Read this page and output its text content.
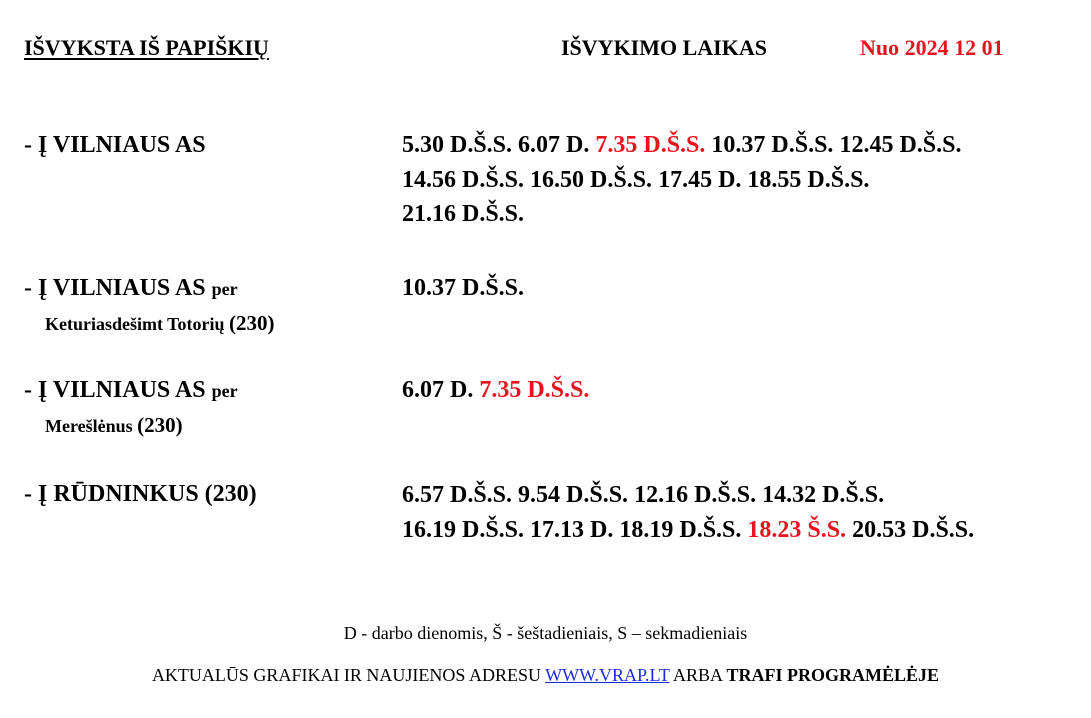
IŠVYKSTA IŠ PAPIŠKIŲ	IŠVYKIMO LAIKAS	Nuo 2024 12 01
- Į VILNIAUS AS	5.30 D.Š.S. 6.07 D. 7.35 D.Š.S. 10.37 D.Š.S. 12.45 D.Š.S.
14.56 D.Š.S. 16.50 D.Š.S. 17.45 D. 18.55 D.Š.S.
21.16 D.Š.S.
- Į VILNIAUS AS per
Keturiasdešimt Totorių (230)
10.37 D.Š.S.
- Į VILNIAUS AS per
Merešlėnus (230)
6.07 D. 7.35 D.Š.S.
- Į RŪDNINKUS (230)	6.57 D.Š.S. 9.54 D.Š.S. 12.16 D.Š.S. 14.32 D.Š.S.
16.19 D.Š.S. 17.13 D. 18.19 D.Š.S. 18.23 Š.S. 20.53 D.Š.S.
D - darbo dienomis, Š - šeštadieniais, S – sekmadieniais
AKTUALŪS GRAFIKAI IR NAUJIENOS ADRESU WWW.VRAP.LT ARBA TRAFI PROGRAMĖLĖJE
